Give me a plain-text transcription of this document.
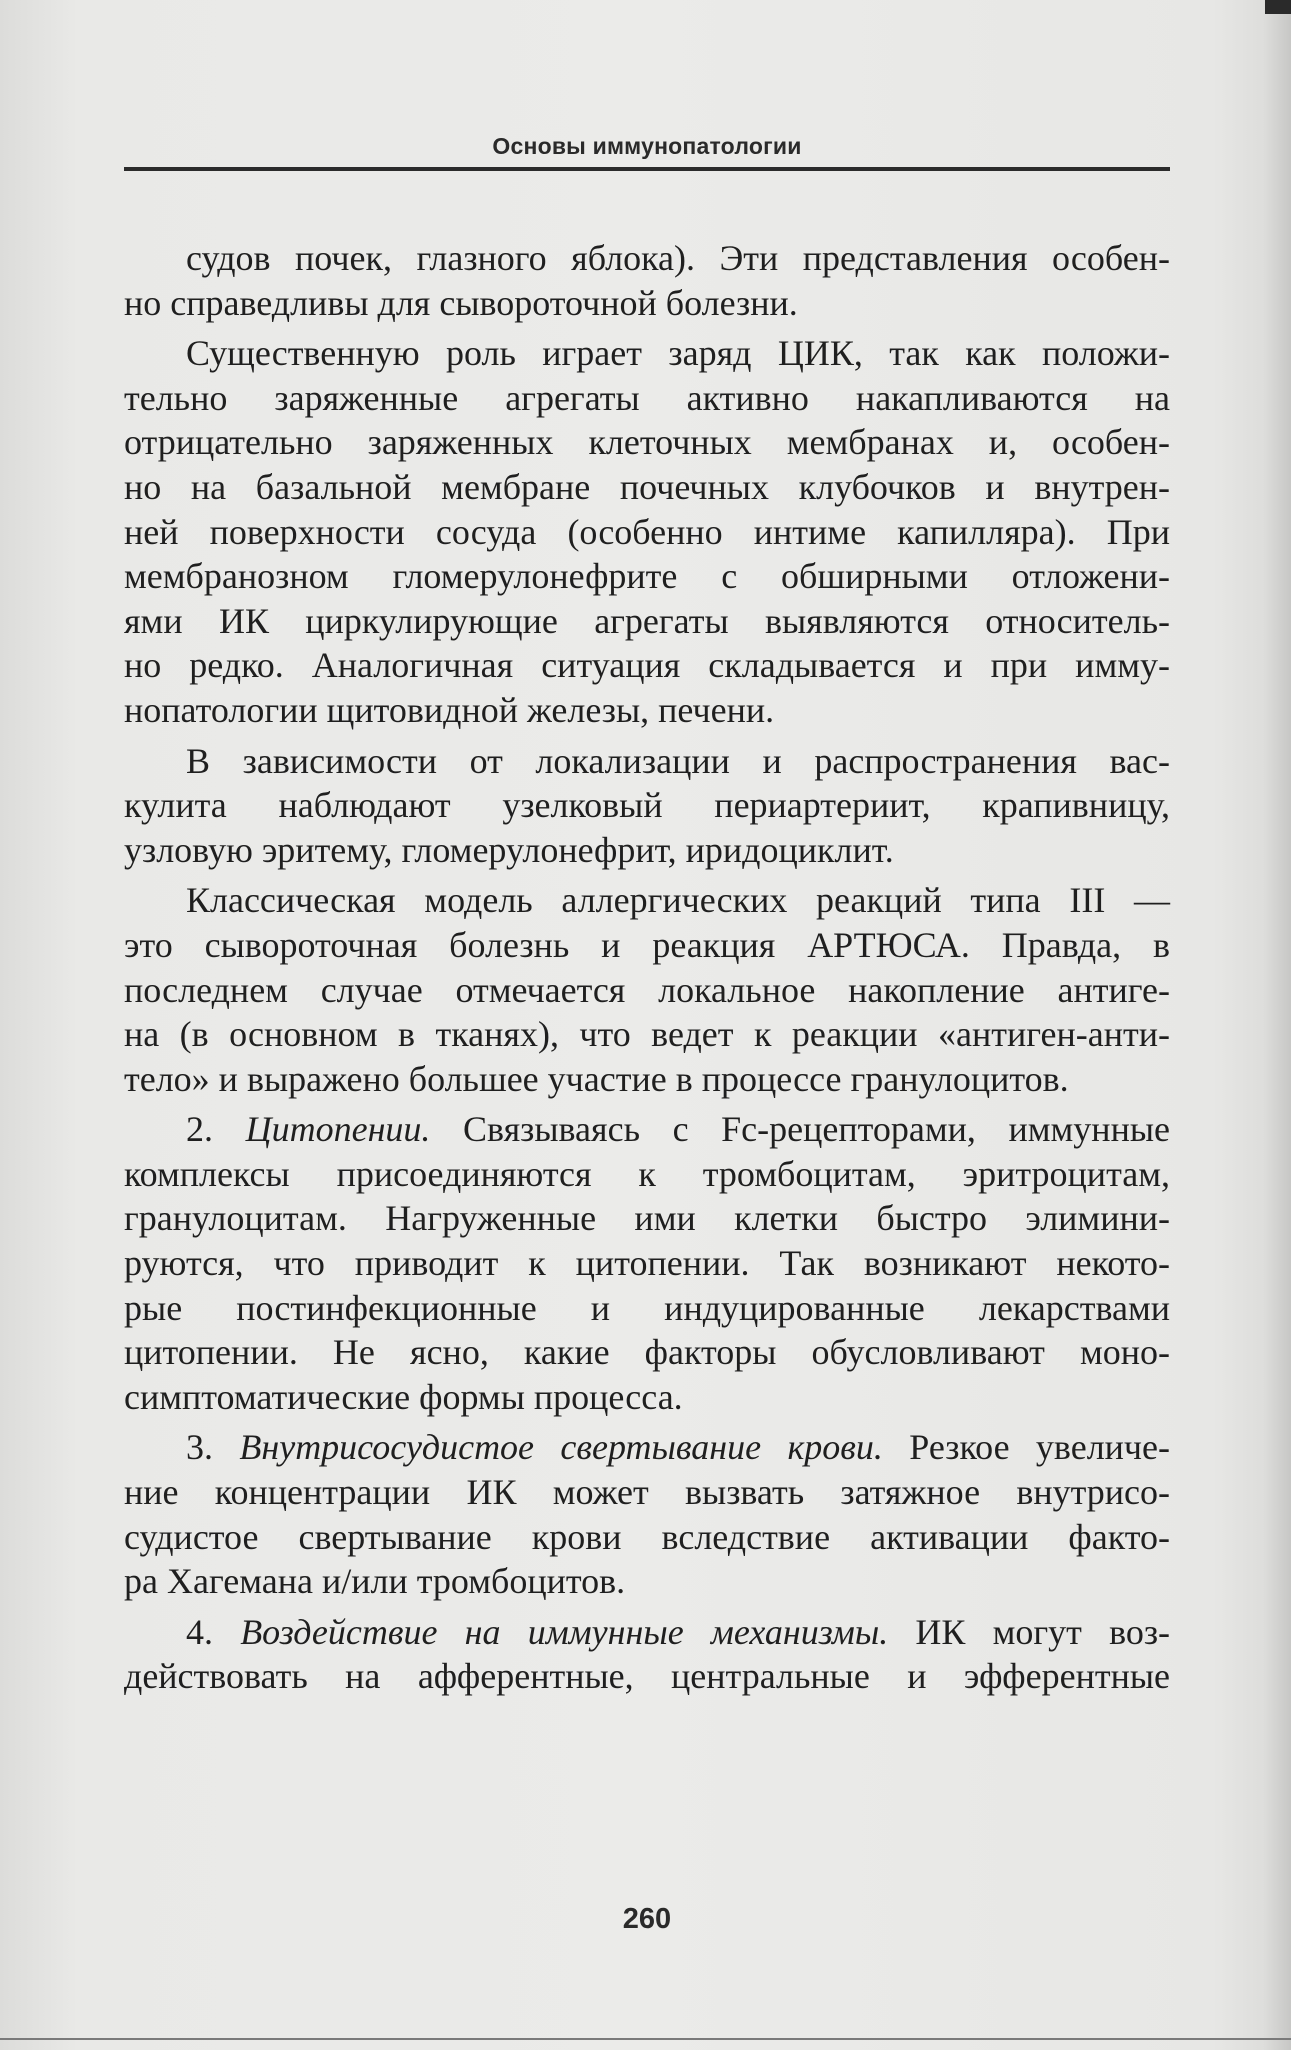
Основы иммунопатологии
судов почек, глазного яблока). Эти представления особен-
но справедливы для сывороточной болезни.
Существенную роль играет заряд ЦИК, так как положи-
тельно заряженные агрегаты активно накапливаются на
отрицательно заряженных клеточных мембранах и, особен-
но на базальной мембране почечных клубочков и внутрен-
ней поверхности сосуда (особенно интиме капилляра). При
мембранозном гломерулонефрите с обширными отложени-
ями ИК циркулирующие агрегаты выявляются относитель-
но редко. Аналогичная ситуация складывается и при имму-
нопатологии щитовидной железы, печени.
В зависимости от локализации и распространения вас-
кулита наблюдают узелковый периартериит, крапивницу,
узловую эритему, гломерулонефрит, иридоциклит.
Классическая модель аллергических реакций типа III —
это сывороточная болезнь и реакция АРТЮСА. Правда, в
последнем случае отмечается локальное накопление антиге-
на (в основном в тканях), что ведет к реакции «антиген-анти-
тело» и выражено большее участие в процессе гранулоцитов.
2. Цитопении. Связываясь с Fc-рецепторами, иммунные
комплексы присоединяются к тромбоцитам, эритроцитам,
гранулоцитам. Нагруженные ими клетки быстро элимини-
руются, что приводит к цитопении. Так возникают некото-
рые постинфекционные и индуцированные лекарствами
цитопении. Не ясно, какие факторы обусловливают моно-
симптоматические формы процесса.
3. Внутрисосудистое свертывание крови. Резкое увеличе-
ние концентрации ИК может вызвать затяжное внутрисо-
судистое свертывание крови вследствие активации факто-
ра Хагемана и/или тромбоцитов.
4. Воздействие на иммунные механизмы. ИК могут воз-
действовать на афферентные, центральные и эфферентные
260
